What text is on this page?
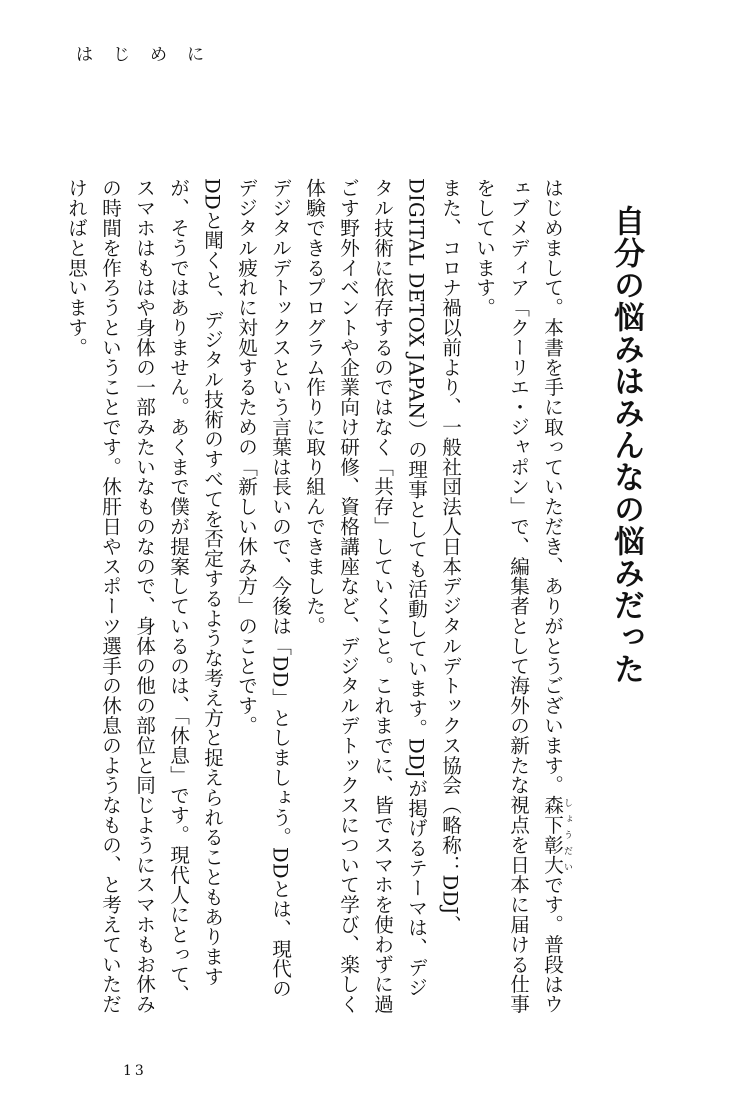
はじめに
自分の悩みはみんなの悩みだった

はじめまして。本書を手に取っていただき、ありがとうございます。森下彰大しょうだいです。普段はウェブメディア「クーリエ・ジャポン」で、編集者として海外の新たな視点を日本に届ける仕事をしています。

また、コロナ禍以前より、一般社団法人日本デジタルデトックス協会（略称：DDJ、DIGITAL DETOX JAPAN）の理事としても活動しています。DDJが掲げるテーマは、デジタル技術に依存するのではなく「共存」していくこと。これまでに、皆でスマホを使わずに過ごす野外イベントや企業向け研修、資格講座など、デジタルデトックスについて学び、楽しく体験できるプログラム作りに取り組んできました。

デジタルデトックスという言葉は長いので、今後は「DD」としましょう。DDとは、現代のデジタル疲れに対処するための「新しい休み方」のことです。

DDと聞くと、デジタル技術のすべてを否定するような考え方と捉えられることもありますが、そうではありません。あくまで僕が提案しているのは、「休息」です。現代人にとって、スマホはもはや身体の一部みたいなものなので、身体の他の部位と同じようにスマホもお休みの時間を作ろうということです。休肝日やスポーツ選手の休息のようなもの、と考えていただければと思います。

13
